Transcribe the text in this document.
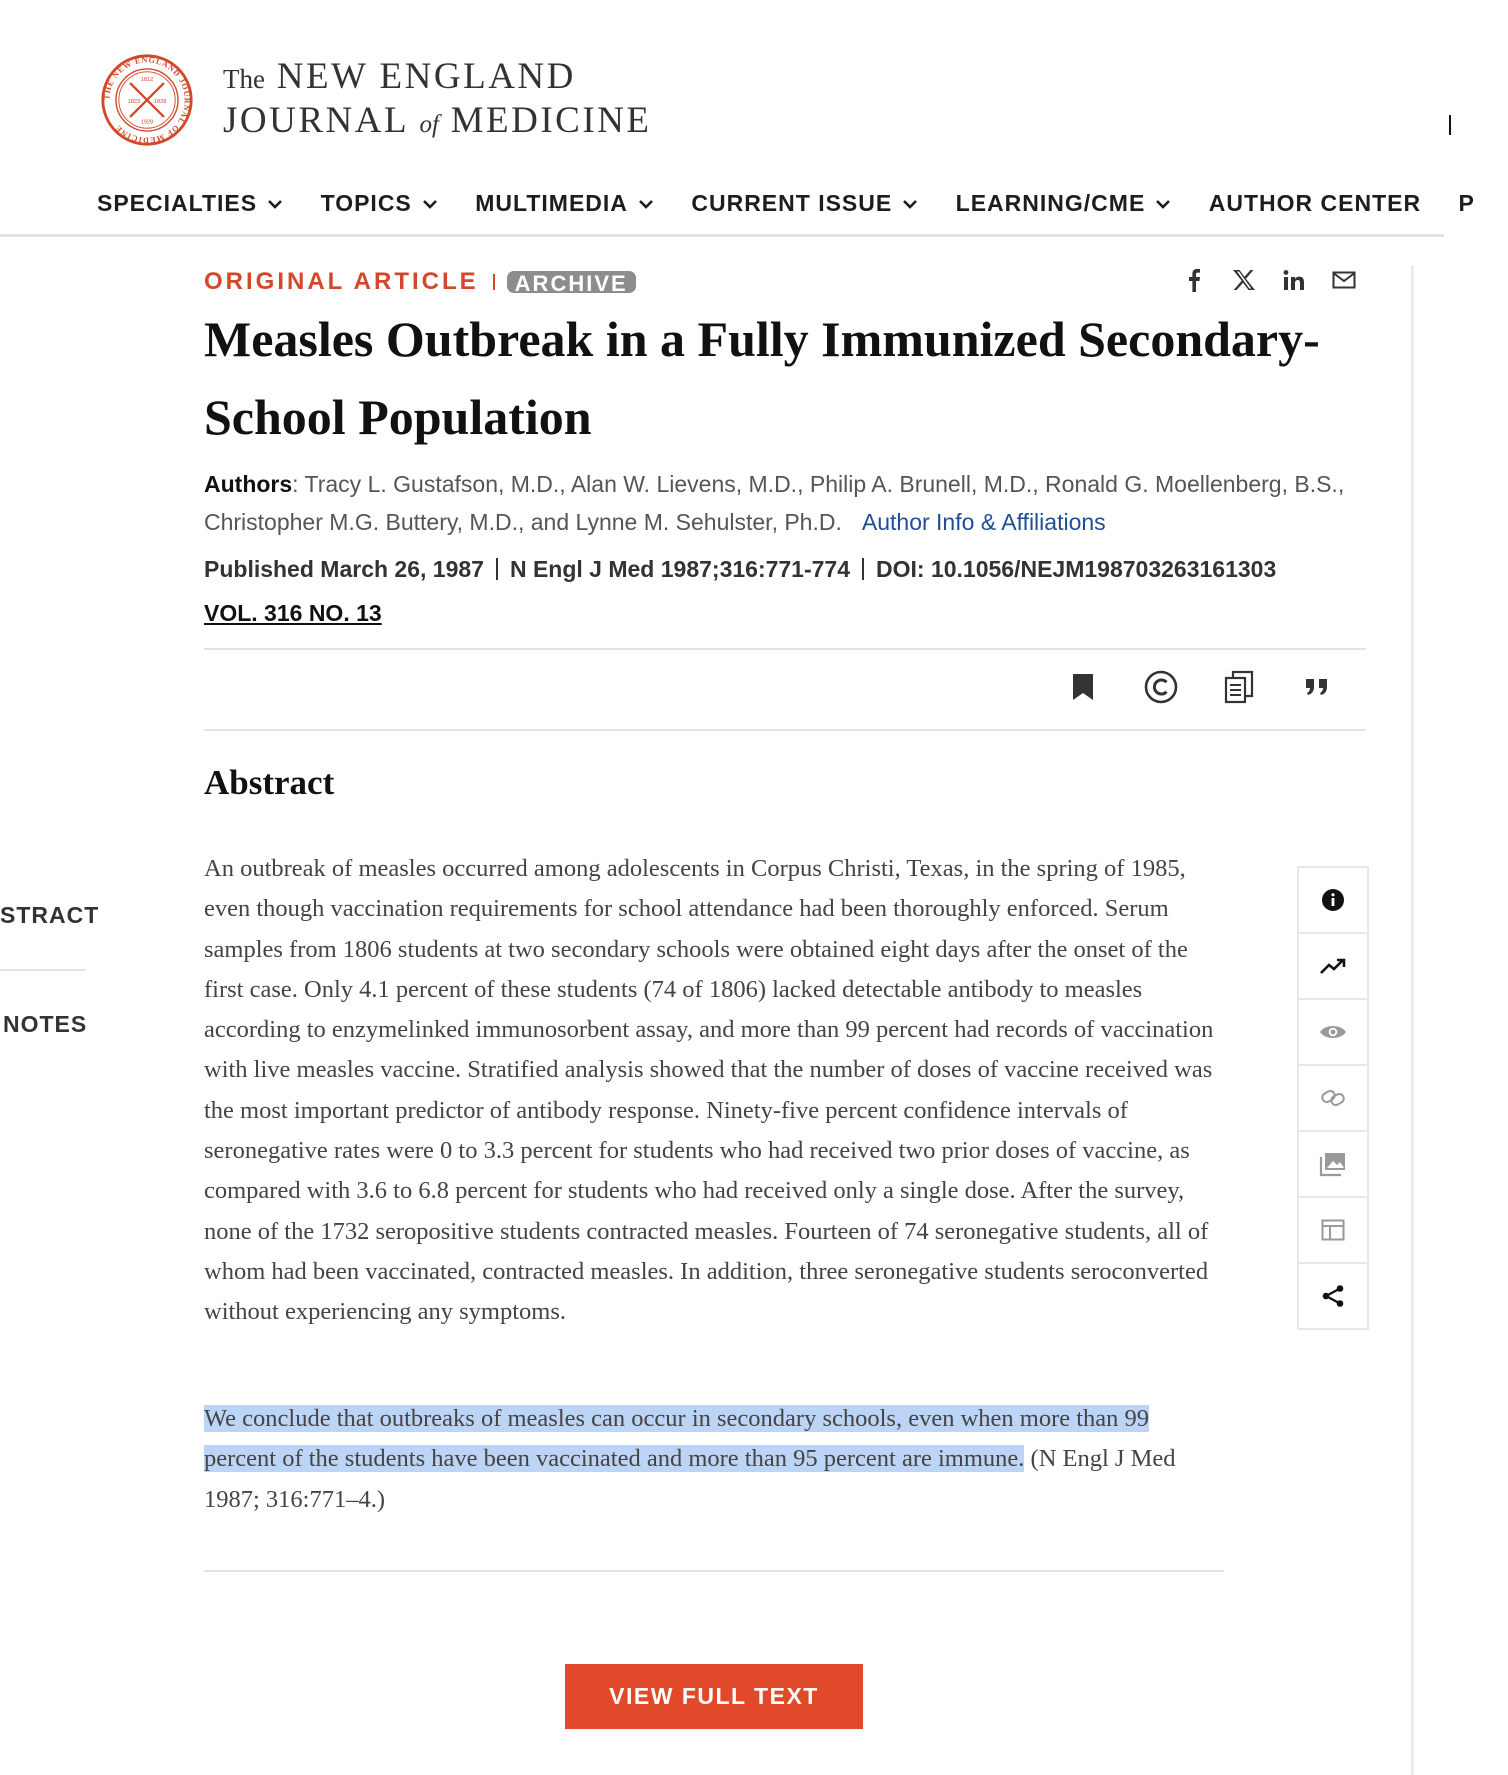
THE NEW ENGLAND JOURNAL OF MEDICINE
1812
1823 1828
1928
The NEW ENGLAND
JOURNAL of MEDICINE
SPECIALTIES
	TOPICS
	MULTIMEDIA
	CURRENT ISSUE
	LEARNING/CME
	AUTHOR CENTER
P
STRACT
NOTES
ORIGINAL ARTICLE	ARCHIVE
Measles Outbreak in a Fully Immunized Secondary-School Population
Authors: Tracy L. Gustafson, M.D., Alan W. Lievens, M.D., Philip A. Brunell, M.D., Ronald G. Moellenberg, B.S., Christopher M.G. Buttery, M.D., and Lynne M. Sehulster, Ph.D. Author Info & Affiliations
Published March 26, 1987 N Engl J Med 1987;316:771-774 DOI: 10.1056/NEJM198703263161303
VOL. 316 NO. 13
Abstract

An outbreak of measles occurred among adolescents in Corpus Christi, Texas, in the spring of 1985, even though vaccination requirements for school attendance had been thoroughly enforced. Serum samples from 1806 students at two secondary schools were obtained eight days after the onset of the first case. Only 4.1 percent of these students (74 of 1806) lacked detectable antibody to measles according to enzymelinked immunosorbent assay, and more than 99 percent had records of vaccination with live measles vaccine. Stratified analysis showed that the number of doses of vaccine received was the most important predictor of antibody response. Ninety-five percent confidence intervals of seronegative rates were 0 to 3.3 percent for students who had received two prior doses of vaccine, as compared with 3.6 to 6.8 percent for students who had received only a single dose. After the survey, none of the 1732 seropositive students contracted measles. Fourteen of 74 seronegative students, all of whom had been vaccinated, contracted measles. In addition, three seronegative students seroconverted without experiencing any symptoms.

We conclude that outbreaks of measles can occur in secondary schools, even when more than 99 percent of the students have been vaccinated and more than 95 percent are immune. (N Engl J Med 1987; 316:771–4.)

VIEW FULL TEXT
